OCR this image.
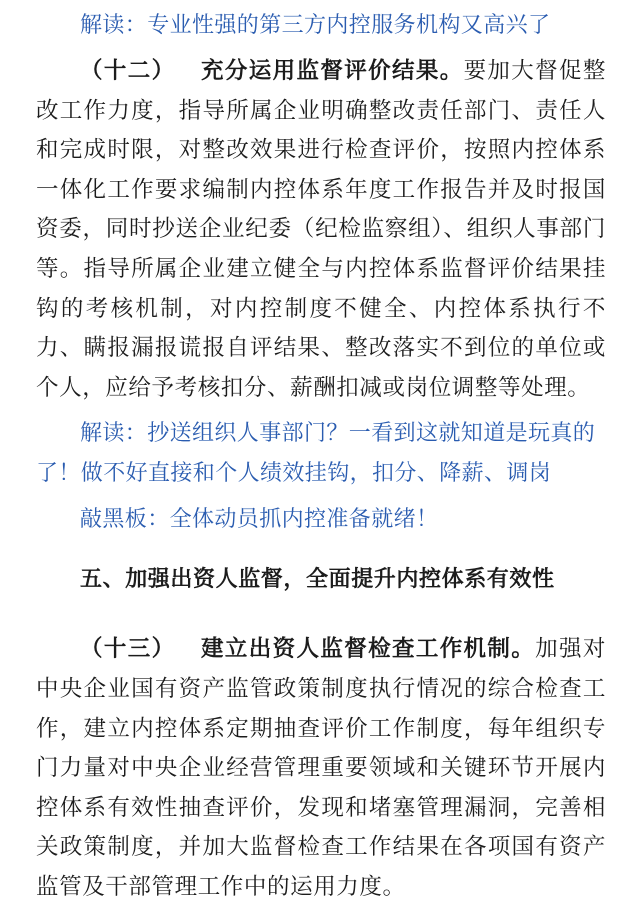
解读：专业性强的第三方内控服务机构又高兴了

（十二） 充分运用监督评价结果。要加大督促整改工作力度，指导所属企业明确整改责任部门、责任人和完成时限，对整改效果进行检查评价，按照内控体系一体化工作要求编制内控体系年度工作报告并及时报国资委，同时抄送企业纪委（纪检监察组）、组织人事部门等。指导所属企业建立健全与内控体系监督评价结果挂钩的考核机制，对内控制度不健全、内控体系执行不力、瞒报漏报谎报自评结果、整改落实不到位的单位或个人，应给予考核扣分、薪酬扣减或岗位调整等处理。

解读：抄送组织人事部门？一看到这就知道是玩真的了！做不好直接和个人绩效挂钩，扣分、降薪、调岗

敲黑板：全体动员抓内控准备就绪！

五、加强出资人监督，全面提升内控体系有效性

（十三） 建立出资人监督检查工作机制。加强对中央企业国有资产监管政策制度执行情况的综合检查工作，建立内控体系定期抽查评价工作制度，每年组织专门力量对中央企业经营管理重要领域和关键环节开展内控体系有效性抽查评价，发现和堵塞管理漏洞，完善相关政策制度，并加大监督检查工作结果在各项国有资产监管及干部管理工作中的运用力度。
